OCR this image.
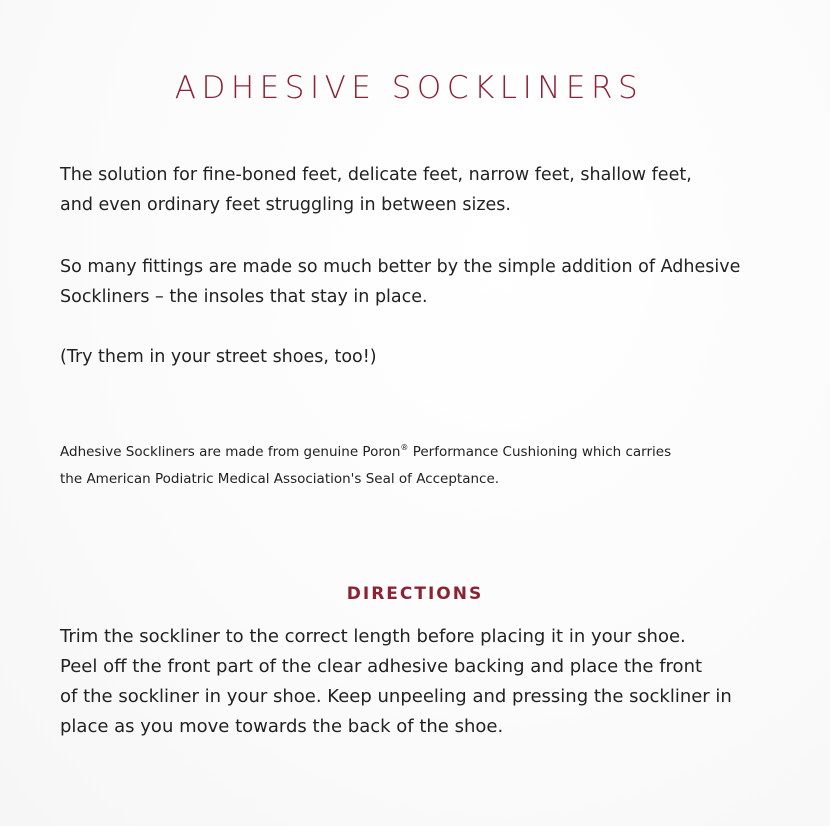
ADHESIVE SOCKLINERS

The solution for fine-boned feet, delicate feet, narrow feet, shallow feet,
and even ordinary feet struggling in between sizes.

So many fittings are made so much better by the simple addition of Adhesive
Sockliners – the insoles that stay in place.

(Try them in your street shoes, too!)

Adhesive Sockliners are made from genuine Poron® Performance Cushioning which carries
the American Podiatric Medical Association's Seal of Acceptance.

DIRECTIONS

Trim the sockliner to the correct length before placing it in your shoe.
Peel off the front part of the clear adhesive backing and place the front
of the sockliner in your shoe. Keep unpeeling and pressing the sockliner in
place as you move towards the back of the shoe.
